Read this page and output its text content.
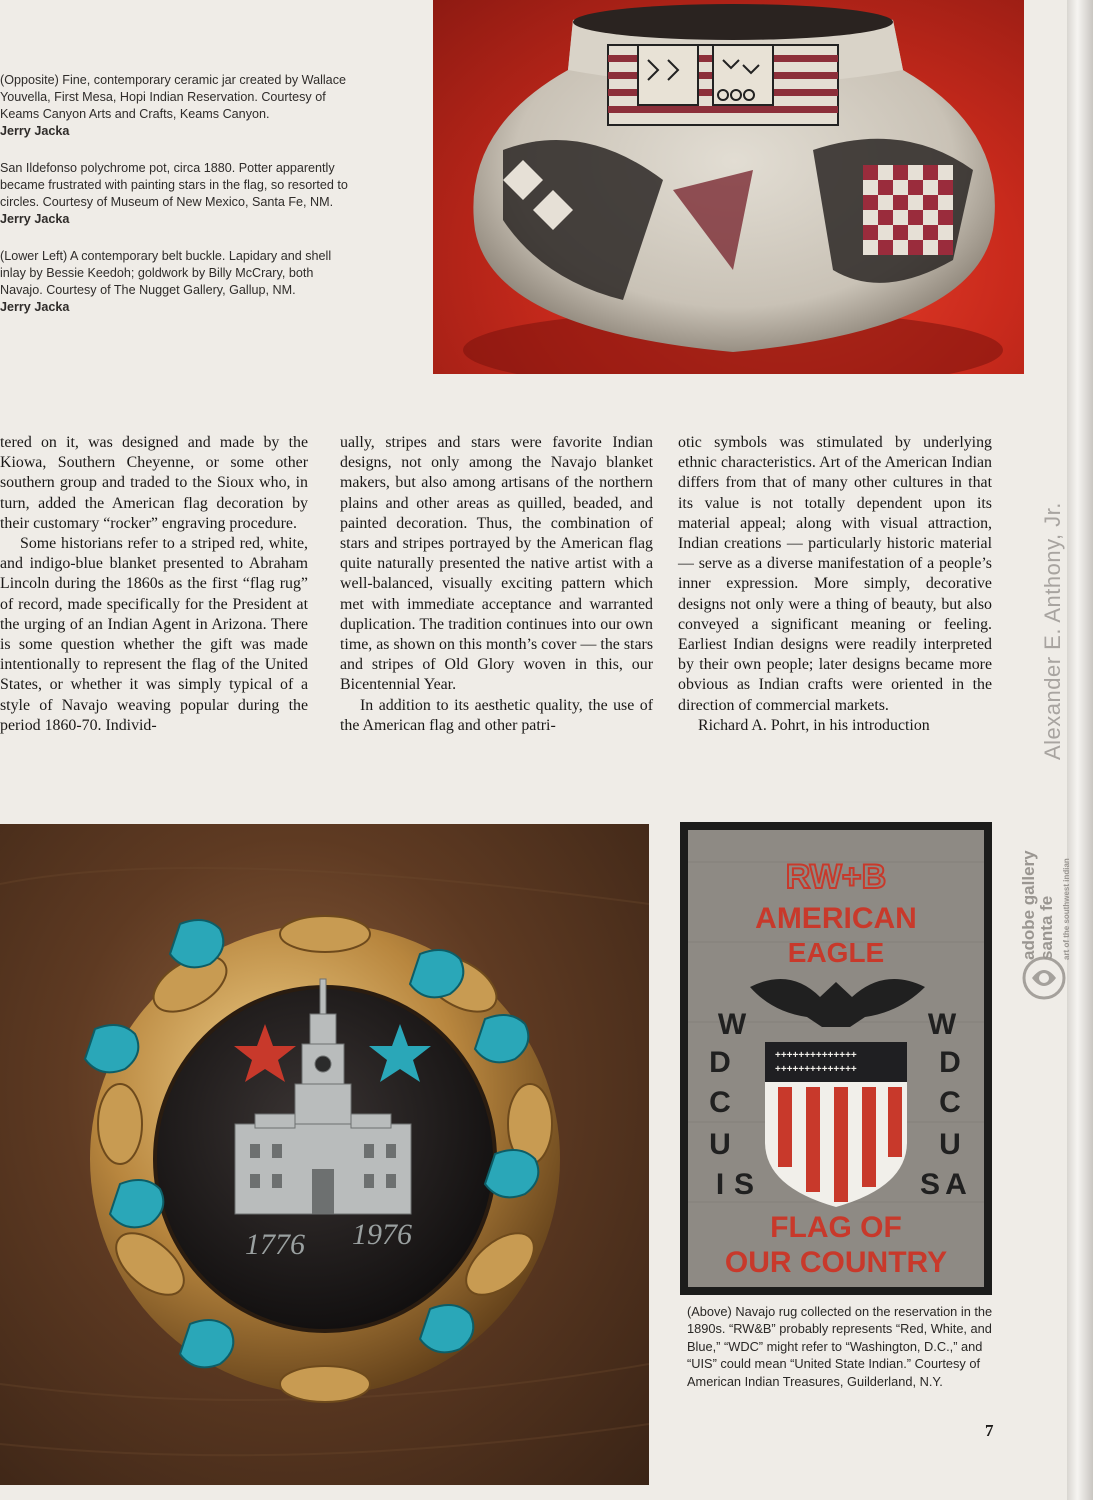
(Opposite) Fine, contemporary ceramic jar created by Wallace
Youvella, First Mesa, Hopi Indian Reservation. Courtesy of
Keams Canyon Arts and Crafts, Keams Canyon.
Jerry Jacka
San Ildefonso polychrome pot, circa 1880. Potter apparently
became frustrated with painting stars in the flag, so resorted to
circles. Courtesy of Museum of New Mexico, Santa Fe, NM.
Jerry Jacka
(Lower Left) A contemporary belt buckle. Lapidary and shell
inlay by Bessie Keedoh; goldwork by Billy McCrary, both
Navajo. Courtesy of The Nugget Gallery, Gallup, NM.
Jerry Jacka

tered on it, was designed and made by the Kiowa, Southern Cheyenne, or some other southern group and traded to the Sioux who, in turn, added the American flag decoration by their customary “rocker” engraving procedure.

Some historians refer to a striped red, white, and indigo-blue blanket presented to Abraham Lincoln during the 1860s as the first “flag rug” of record, made specifically for the President at the urging of an Indian Agent in Arizona. There is some question whether the gift was made intentionally to represent the flag of the United States, or whether it was simply typical of a style of Navajo weaving popular during the period 1860-70. Individ-

ually, stripes and stars were favorite Indian designs, not only among the Navajo blanket makers, but also among artisans of the northern plains and other areas as quilled, beaded, and painted decoration. Thus, the combination of stars and stripes portrayed by the American flag quite naturally presented the native artist with a well-balanced, visually exciting pattern which met with immediate acceptance and warranted duplication. The tradition continues into our own time, as shown on this month’s cover — the stars and stripes of Old Glory woven in this, our Bicentennial Year.

In addition to its aesthetic quality, the use of the American flag and other patri-

otic symbols was stimulated by underlying ethnic characteristics. Art of the American Indian differs from that of many other cultures in that its value is not totally dependent upon its material appeal; along with visual attraction, Indian creations — particularly historic material — serve as a diverse manifestation of a people’s inner expression. More simply, decorative designs not only were a thing of beauty, but also conveyed a significant meaning or feeling. Earliest Indian designs were readily interpreted by their own people; later designs became more obvious as Indian crafts were oriented in the direction of commercial markets.

Richard A. Pohrt, in his introduction

1776 1976
RW+B
AMERICAN
EAGLE
++++++++++++++
++++++++++++++
W
D
C
U
I S
W
D
C
U
S A
FLAG OF
OUR COUNTRY
(Above) Navajo rug collected on the reservation in the 1890s. “RW&B” probably represents “Red, White, and Blue,” “WDC” might refer to “Washington, D.C.,” and “UIS” could mean “United State Indian.” Courtesy of American Indian Treasures, Guilderland, N.Y.
7
Alexander E. Anthony, Jr.
adobe gallery
santa fe art of the southwest indian
